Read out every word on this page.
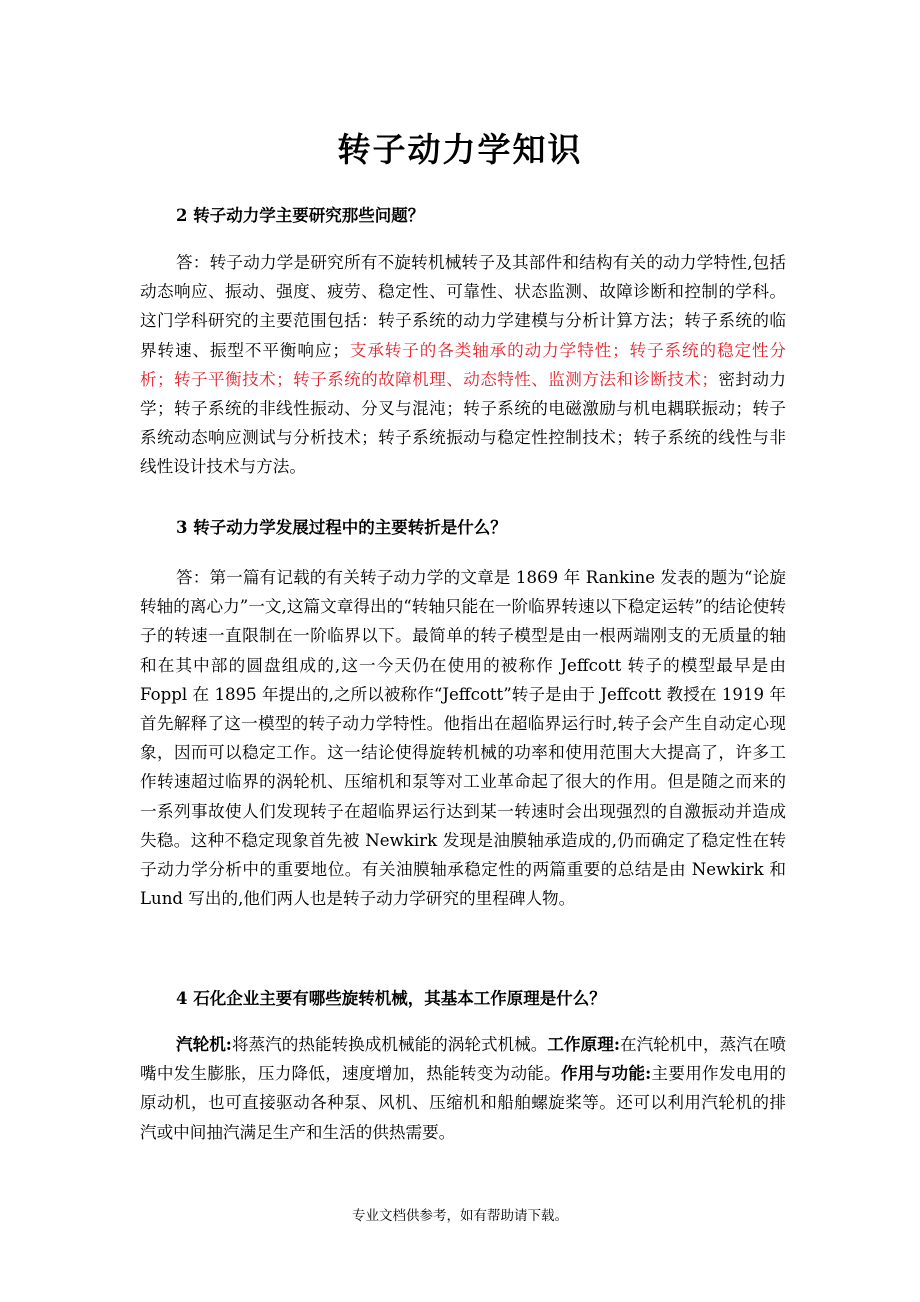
转子动力学知识
2 转子动力学主要研究那些问题？

答：转子动力学是研究所有不旋转机械转子及其部件和结构有关的动力学特性,包括动态响应、振动、强度、疲劳、稳定性、可靠性、状态监测、故障诊断和控制的学科。这门学科研究的主要范围包括：转子系统的动力学建模与分析计算方法；转子系统的临界转速、振型不平衡响应；支承转子的各类轴承的动力学特性；转子系统的稳定性分析；转子平衡技术；转子系统的故障机理、动态特性、监测方法和诊断技术；密封动力学；转子系统的非线性振动、分叉与混沌；转子系统的电磁激励与机电耦联振动；转子系统动态响应测试与分析技术；转子系统振动与稳定性控制技术；转子系统的线性与非线性设计技术与方法。

3 转子动力学发展过程中的主要转折是什么？

答：第一篇有记载的有关转子动力学的文章是 1869 年 Rankine 发表的题为“论旋转轴的离心力”一文,这篇文章得出的“转轴只能在一阶临界转速以下稳定运转”的结论使转子的转速一直限制在一阶临界以下。最简单的转子模型是由一根两端刚支的无质量的轴和在其中部的圆盘组成的,这一今天仍在使用的被称作 Jeffcott 转子的模型最早是由 Foppl 在 1895 年提出的,之所以被称作“Jeffcott”转子是由于 Jeffcott 教授在 1919 年首先解释了这一模型的转子动力学特性。他指出在超临界运行时,转子会产生自动定心现象，因而可以稳定工作。这一结论使得旋转机械的功率和使用范围大大提高了，许多工作转速超过临界的涡轮机、压缩机和泵等对工业革命起了很大的作用。但是随之而来的一系列事故使人们发现转子在超临界运行达到某一转速时会出现强烈的自激振动并造成失稳。这种不稳定现象首先被 Newkirk 发现是油膜轴承造成的,仍而确定了稳定性在转子动力学分析中的重要地位。有关油膜轴承稳定性的两篇重要的总结是由 Newkirk 和 Lund 写出的,他们两人也是转子动力学研究的里程碑人物。

4 石化企业主要有哪些旋转机械，其基本工作原理是什么？

汽轮机:将蒸汽的热能转换成机械能的涡轮式机械。工作原理:在汽轮机中，蒸汽在喷嘴中发生膨胀，压力降低，速度增加，热能转变为动能。作用与功能:主要用作发电用的原动机，也可直接驱动各种泵、风机、压缩机和船舶螺旋桨等。还可以利用汽轮机的排汽或中间抽汽满足生产和生活的供热需要。

专业文档供参考，如有帮助请下载。
